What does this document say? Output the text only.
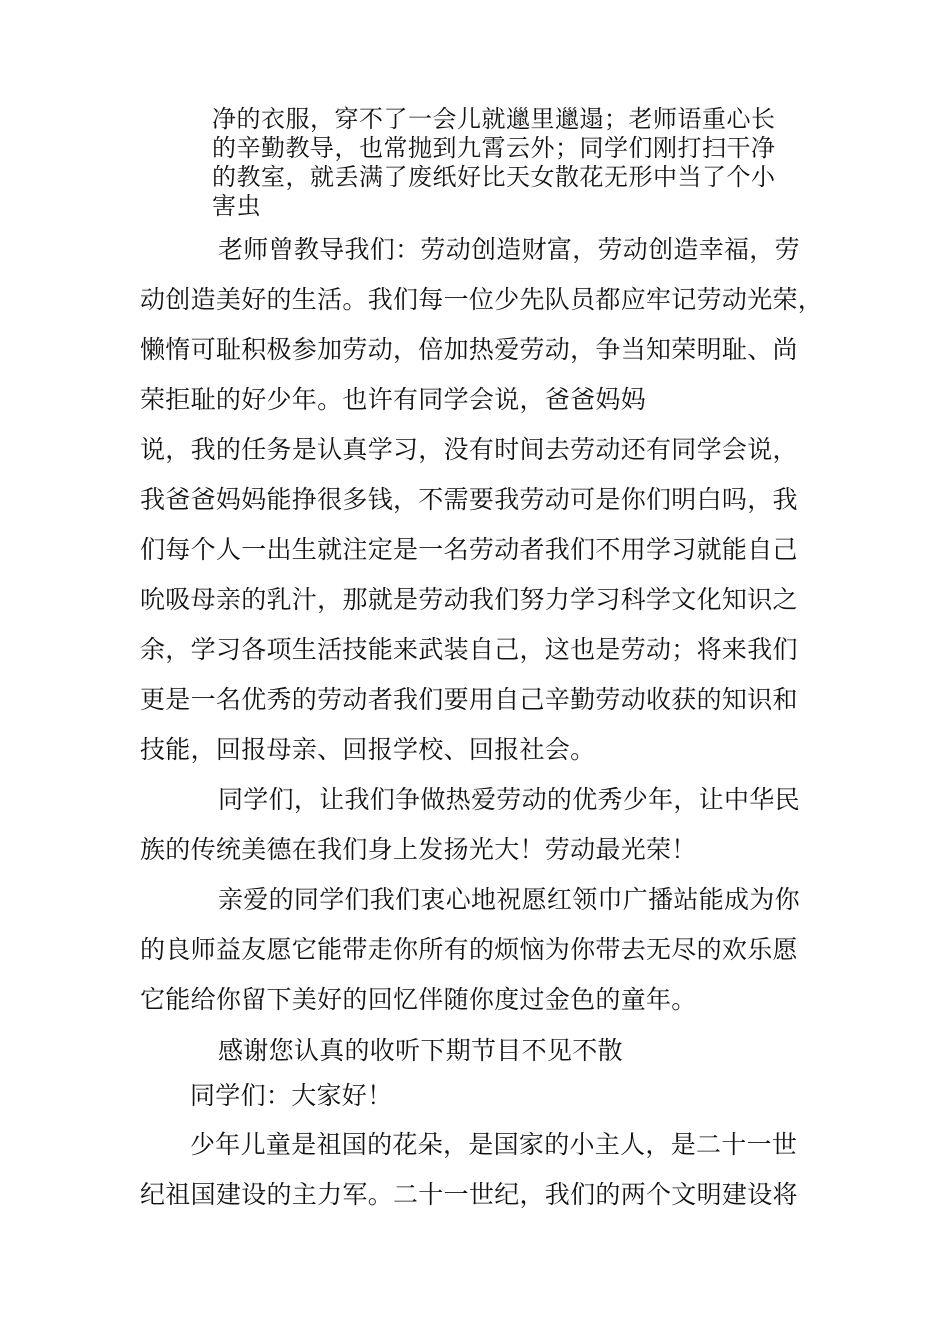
净的衣服，穿不了一会儿就邋里邋遢；老师语重心长
的辛勤教导，也常抛到九霄云外；同学们刚打扫干净
的教室，就丢满了废纸好比天女散花无形中当了个小
害虫
老师曾教导我们：劳动创造财富，劳动创造幸福，劳
动创造美好的生活。我们每一位少先队员都应牢记劳动光荣，
懒惰可耻积极参加劳动，倍加热爱劳动，争当知荣明耻、尚
荣拒耻的好少年。也许有同学会说，爸爸妈妈
说，我的任务是认真学习，没有时间去劳动还有同学会说，
我爸爸妈妈能挣很多钱，不需要我劳动可是你们明白吗，我
们每个人一出生就注定是一名劳动者我们不用学习就能自己
吮吸母亲的乳汁，那就是劳动我们努力学习科学文化知识之
余，学习各项生活技能来武装自己，这也是劳动；将来我们
更是一名优秀的劳动者我们要用自己辛勤劳动收获的知识和
技能，回报母亲、回报学校、回报社会。
同学们，让我们争做热爱劳动的优秀少年，让中华民
族的传统美德在我们身上发扬光大！劳动最光荣！
亲爱的同学们我们衷心地祝愿红领巾广播站能成为你
的良师益友愿它能带走你所有的烦恼为你带去无尽的欢乐愿
它能给你留下美好的回忆伴随你度过金色的童年。
感谢您认真的收听下期节目不见不散
同学们：大家好！
少年儿童是祖国的花朵，是国家的小主人，是二十一世
纪祖国建设的主力军。二十一世纪，我们的两个文明建设将
